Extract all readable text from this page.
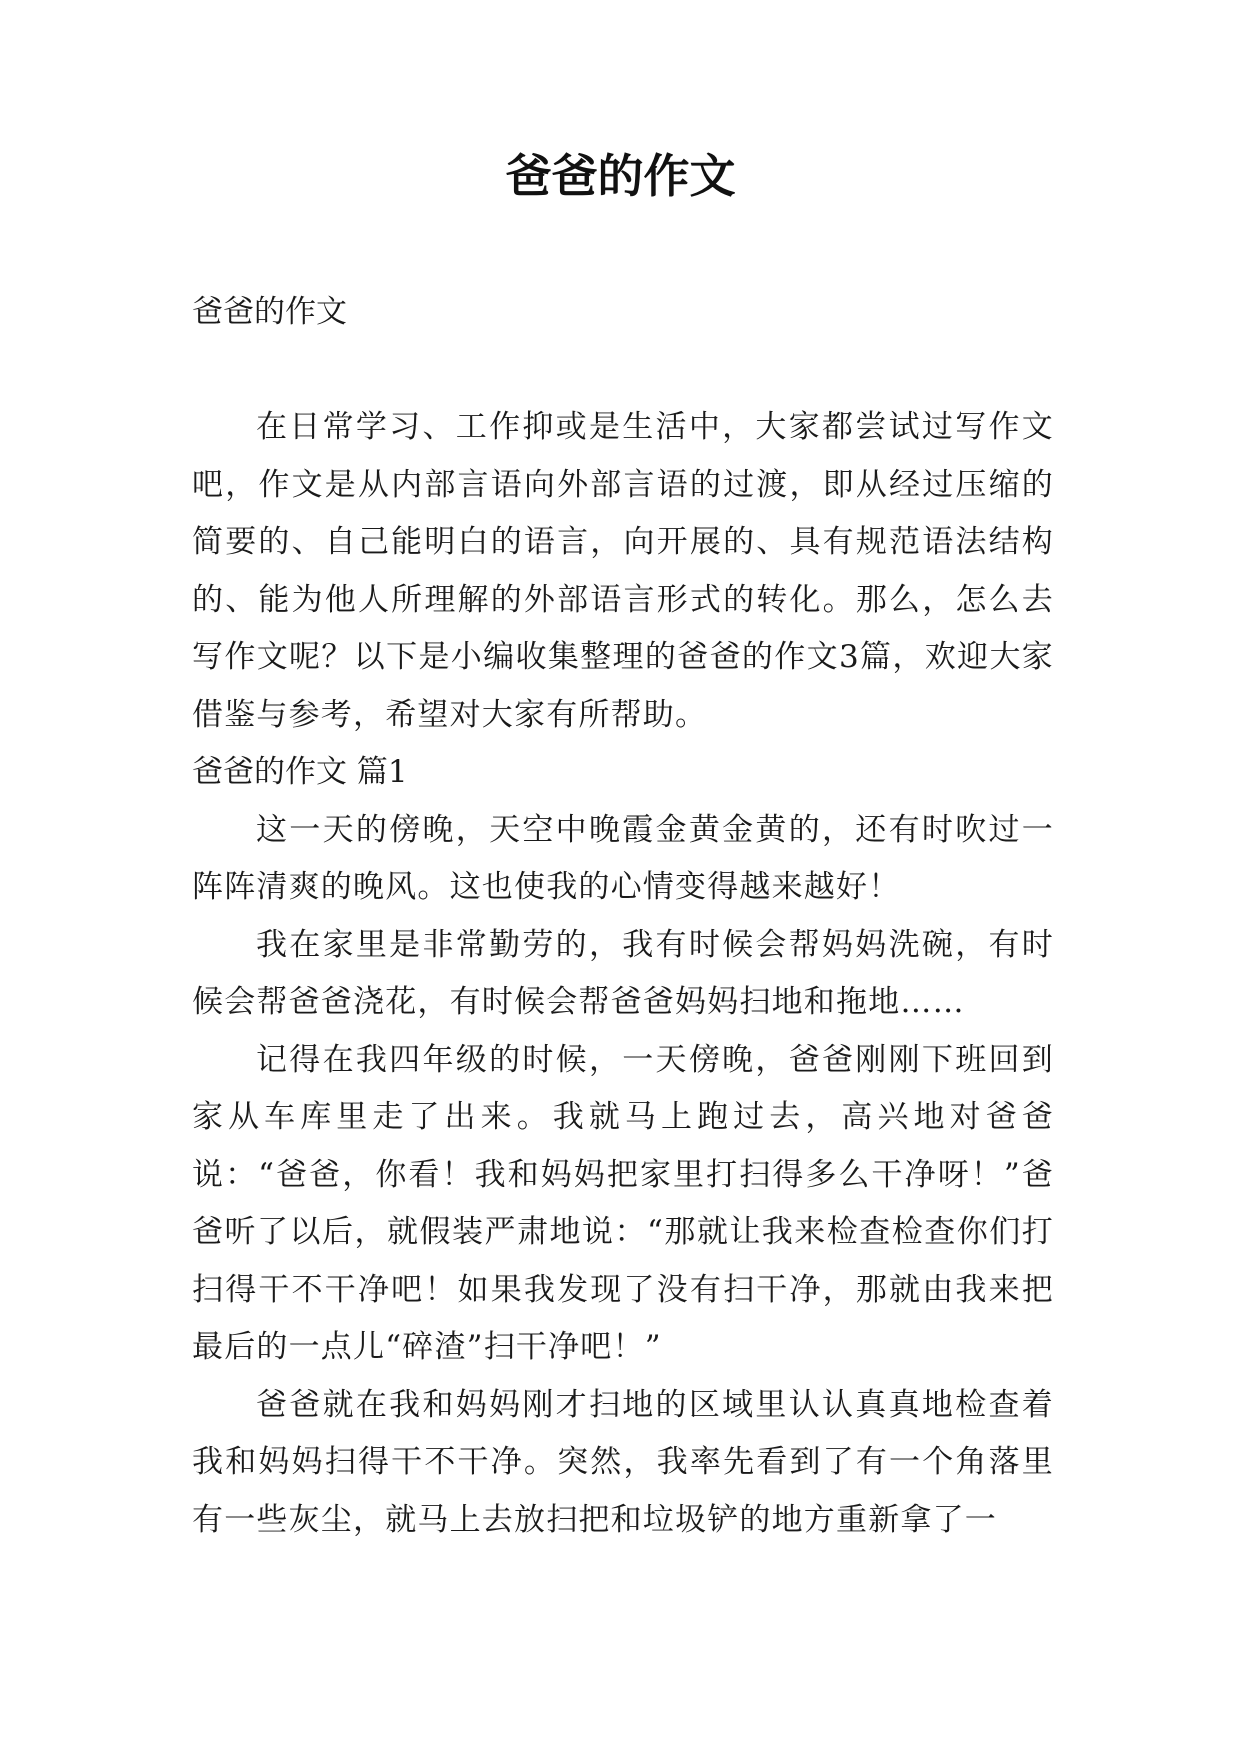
爸爸的作文

爸爸的作文

在日常学习、工作抑或是生活中，大家都尝试过写作文吧，作文是从内部言语向外部言语的过渡，即从经过压缩的简要的、自己能明白的语言，向开展的、具有规范语法结构的、能为他人所理解的外部语言形式的转化。那么，怎么去写作文呢？以下是小编收集整理的爸爸的作文3篇，欢迎大家借鉴与参考，希望对大家有所帮助。

爸爸的作文 篇1

这一天的傍晚，天空中晚霞金黄金黄的，还有时吹过一阵阵清爽的晚风。这也使我的心情变得越来越好！

我在家里是非常勤劳的，我有时候会帮妈妈洗碗，有时候会帮爸爸浇花，有时候会帮爸爸妈妈扫地和拖地……

记得在我四年级的时候，一天傍晚，爸爸刚刚下班回到家从车库里走了出来。我就马上跑过去，高兴地对爸爸说：“爸爸，你看！我和妈妈把家里打扫得多么干净呀！”爸爸听了以后，就假装严肃地说：“那就让我来检查检查你们打扫得干不干净吧！如果我发现了没有扫干净，那就由我来把最后的一点儿“碎渣”扫干净吧！”

爸爸就在我和妈妈刚才扫地的区域里认认真真地检查着我和妈妈扫得干不干净。突然，我率先看到了有一个角落里有一些灰尘，就马上去放扫把和垃圾铲的地方重新拿了一
